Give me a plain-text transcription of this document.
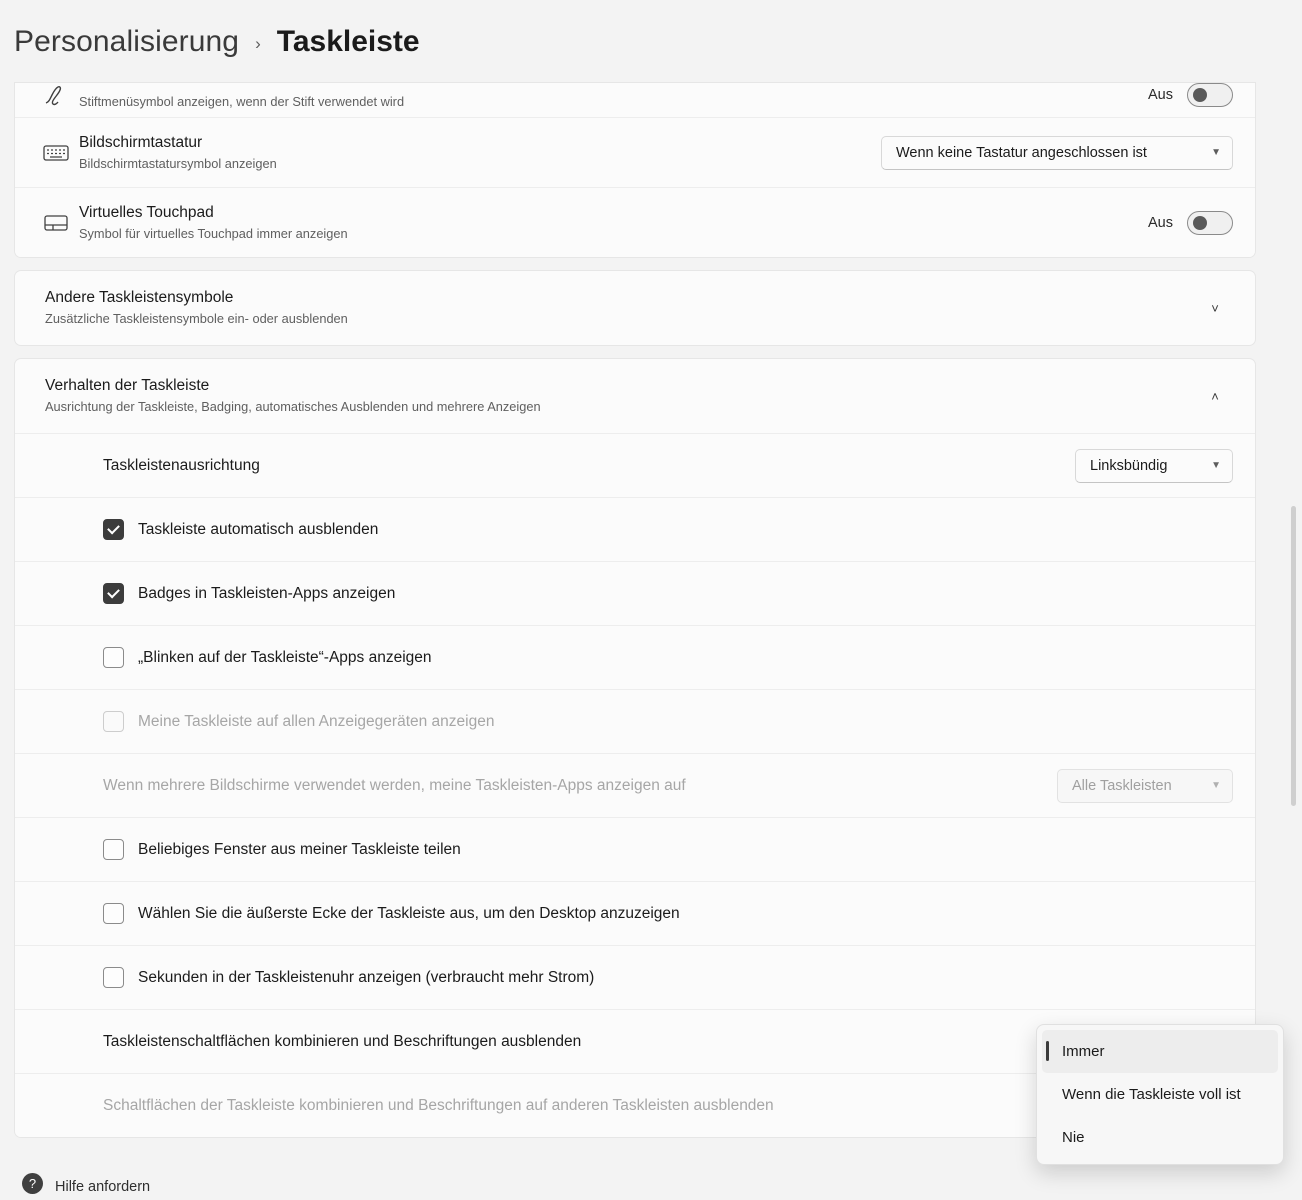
Personalisierung › Taskleiste
Stiftmenüsymbol anzeigen, wenn der Stift verwendet wird	Aus
Bildschirmtastatur
Bildschirmtastatursymbol anzeigen
Wenn keine Tastatur angeschlossen ist	▼
Virtuelles Touchpad
Symbol für virtuelles Touchpad immer anzeigen
Aus
Andere Taskleistensymbole
Zusätzliche Taskleistensymbole ein- oder ausblenden
˅
Verhalten der Taskleiste
Ausrichtung der Taskleiste, Badging, automatisches Ausblenden und mehrere Anzeigen
˄
Taskleistenausrichtung	Linksbündig	▼
Taskleiste automatisch ausblenden
Badges in Taskleisten-Apps anzeigen
„Blinken auf der Taskleiste“-Apps anzeigen
Meine Taskleiste auf allen Anzeigegeräten anzeigen
Wenn mehrere Bildschirme verwendet werden, meine Taskleisten-Apps anzeigen auf	Alle Taskleisten	▼
Beliebiges Fenster aus meiner Taskleiste teilen
Wählen Sie die äußerste Ecke der Taskleiste aus, um den Desktop anzuzeigen
Sekunden in der Taskleistenuhr anzeigen (verbraucht mehr Strom)
Taskleistenschaltflächen kombinieren und Beschriftungen ausblenden
Schaltflächen der Taskleiste kombinieren und Beschriftungen auf anderen Taskleisten ausblenden
Immer
Wenn die Taskleiste voll ist
Nie
?	Hilfe anfordern
